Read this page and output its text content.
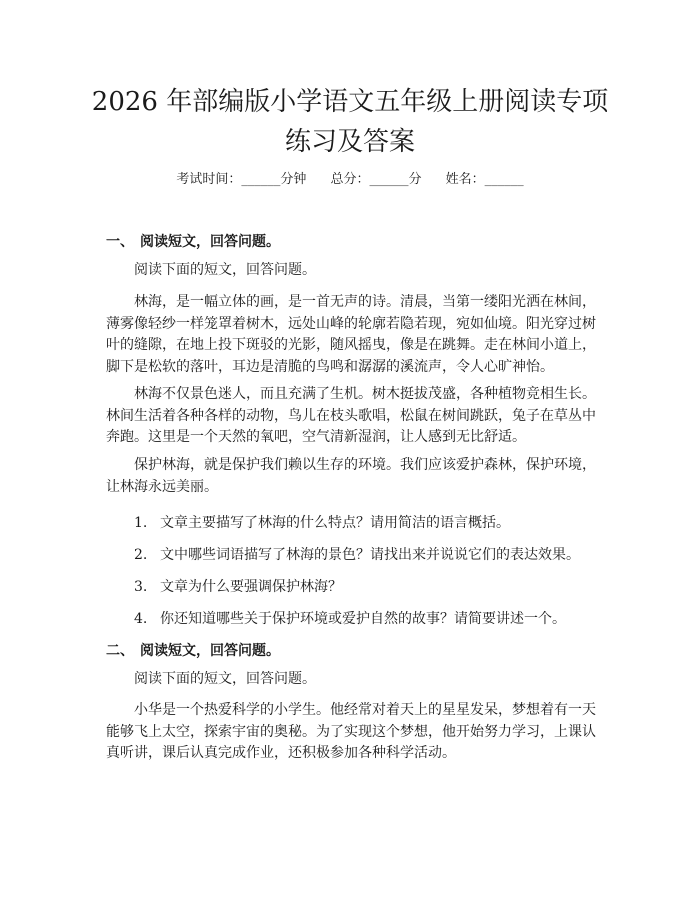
2026 年部编版小学语文五年级上册阅读专项
练习及答案
考试时间：______分钟 总分：______分 姓名：______
一、 阅读短文，回答问题。

阅读下面的短文，回答问题。

林海，是一幅立体的画，是一首无声的诗。清晨，当第一缕阳光洒在林间，薄雾像轻纱一样笼罩着树木，远处山峰的轮廓若隐若现，宛如仙境。阳光穿过树叶的缝隙，在地上投下斑驳的光影，随风摇曳，像是在跳舞。走在林间小道上，脚下是松软的落叶，耳边是清脆的鸟鸣和潺潺的溪流声，令人心旷神怡。

林海不仅景色迷人，而且充满了生机。树木挺拔茂盛，各种植物竞相生长。林间生活着各种各样的动物，鸟儿在枝头歌唱，松鼠在树间跳跃，兔子在草丛中奔跑。这里是一个天然的氧吧，空气清新湿润，让人感到无比舒适。

保护林海，就是保护我们赖以生存的环境。我们应该爱护森林，保护环境，让林海永远美丽。

1. 文章主要描写了林海的什么特点？请用简洁的语言概括。
2. 文中哪些词语描写了林海的景色？请找出来并说说它们的表达效果。
3. 文章为什么要强调保护林海？
4. 你还知道哪些关于保护环境或爱护自然的故事？请简要讲述一个。
二、 阅读短文，回答问题。

阅读下面的短文，回答问题。

小华是一个热爱科学的小学生。他经常对着天上的星星发呆，梦想着有一天能够飞上太空，探索宇宙的奥秘。为了实现这个梦想，他开始努力学习，上课认真听讲，课后认真完成作业，还积极参加各种科学活动。
